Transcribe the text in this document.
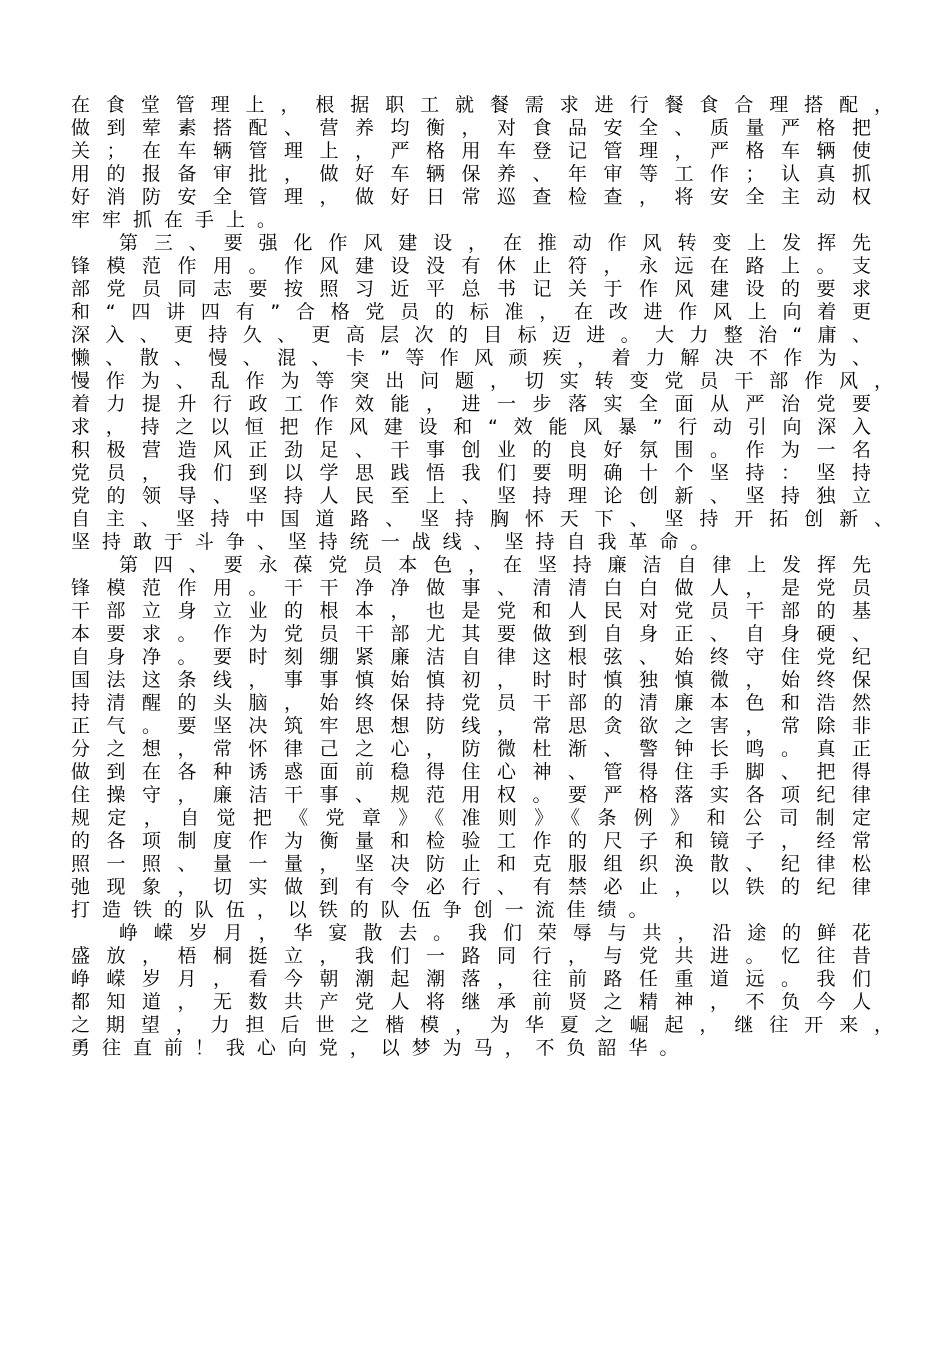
在食堂管理上，根据职工就餐需求进行餐食合理搭配，
做到荤素搭配、营养均衡，对食品安全、质量严格把
关；在车辆管理上，严格用车登记管理，严格车辆使
用的报备审批，做好车辆保养、年审等工作；认真抓
好消防安全管理，做好日常巡查检查，将安全主动权
牢牢抓在手上。
第三、要强化作风建设，在推动作风转变上发挥先
锋模范作用。作风建设没有休止符，永远在路上。支
部党员同志要按照习近平总书记关于作风建设的要求
和“四讲四有”合格党员的标准，在改进作风上向着更
深入、更持久、更高层次的目标迈进。大力整治“庸、
懒、散、慢、混、卡”等作风顽疾，着力解决不作为、
慢作为、乱作为等突出问题，切实转变党员干部作风，
着力提升行政工作效能，进一步落实全面从严治党要
求，持之以恒把作风建设和“效能风暴”行动引向深入
积极营造风正劲足、干事创业的良好氛围。作为一名
党员，我们到以学思践悟我们要明确十个坚持：坚持
党的领导、坚持人民至上、坚持理论创新、坚持独立
自主、坚持中国道路、坚持胸怀天下、坚持开拓创新、
坚持敢于斗争、坚持统一战线、坚持自我革命。
第四、要永葆党员本色，在坚持廉洁自律上发挥先
锋模范作用。干干净净做事、清清白白做人，是党员
干部立身立业的根本，也是党和人民对党员干部的基
本要求。作为党员干部尤其要做到自身正、自身硬、
自身净。要时刻绷紧廉洁自律这根弦、始终守住党纪
国法这条线，事事慎始慎初，时时慎独慎微，始终保
持清醒的头脑，始终保持党员干部的清廉本色和浩然
正气。要坚决筑牢思想防线，常思贪欲之害，常除非
分之想，常怀律己之心，防微杜渐、警钟长鸣。真正
做到在各种诱惑面前稳得住心神、管得住手脚、把得
住操守，廉洁干事、规范用权。要严格落实各项纪律
规定，自觉把《党章》《准则》《条例》和公司制定
的各项制度作为衡量和检验工作的尺子和镜子，经常
照一照、量一量，坚决防止和克服组织涣散、纪律松
弛现象，切实做到有令必行、有禁必止，以铁的纪律
打造铁的队伍，以铁的队伍争创一流佳绩。
峥嵘岁月，华宴散去。我们荣辱与共，沿途的鲜花
盛放，梧桐挺立，我们一路同行，与党共进。忆往昔
峥嵘岁月，看今朝潮起潮落，往前路任重道远。我们
都知道，无数共产党人将继承前贤之精神，不负今人
之期望，力担后世之楷模，为华夏之崛起，继往开来，
勇往直前！我心向党，以梦为马，不负韶华。
